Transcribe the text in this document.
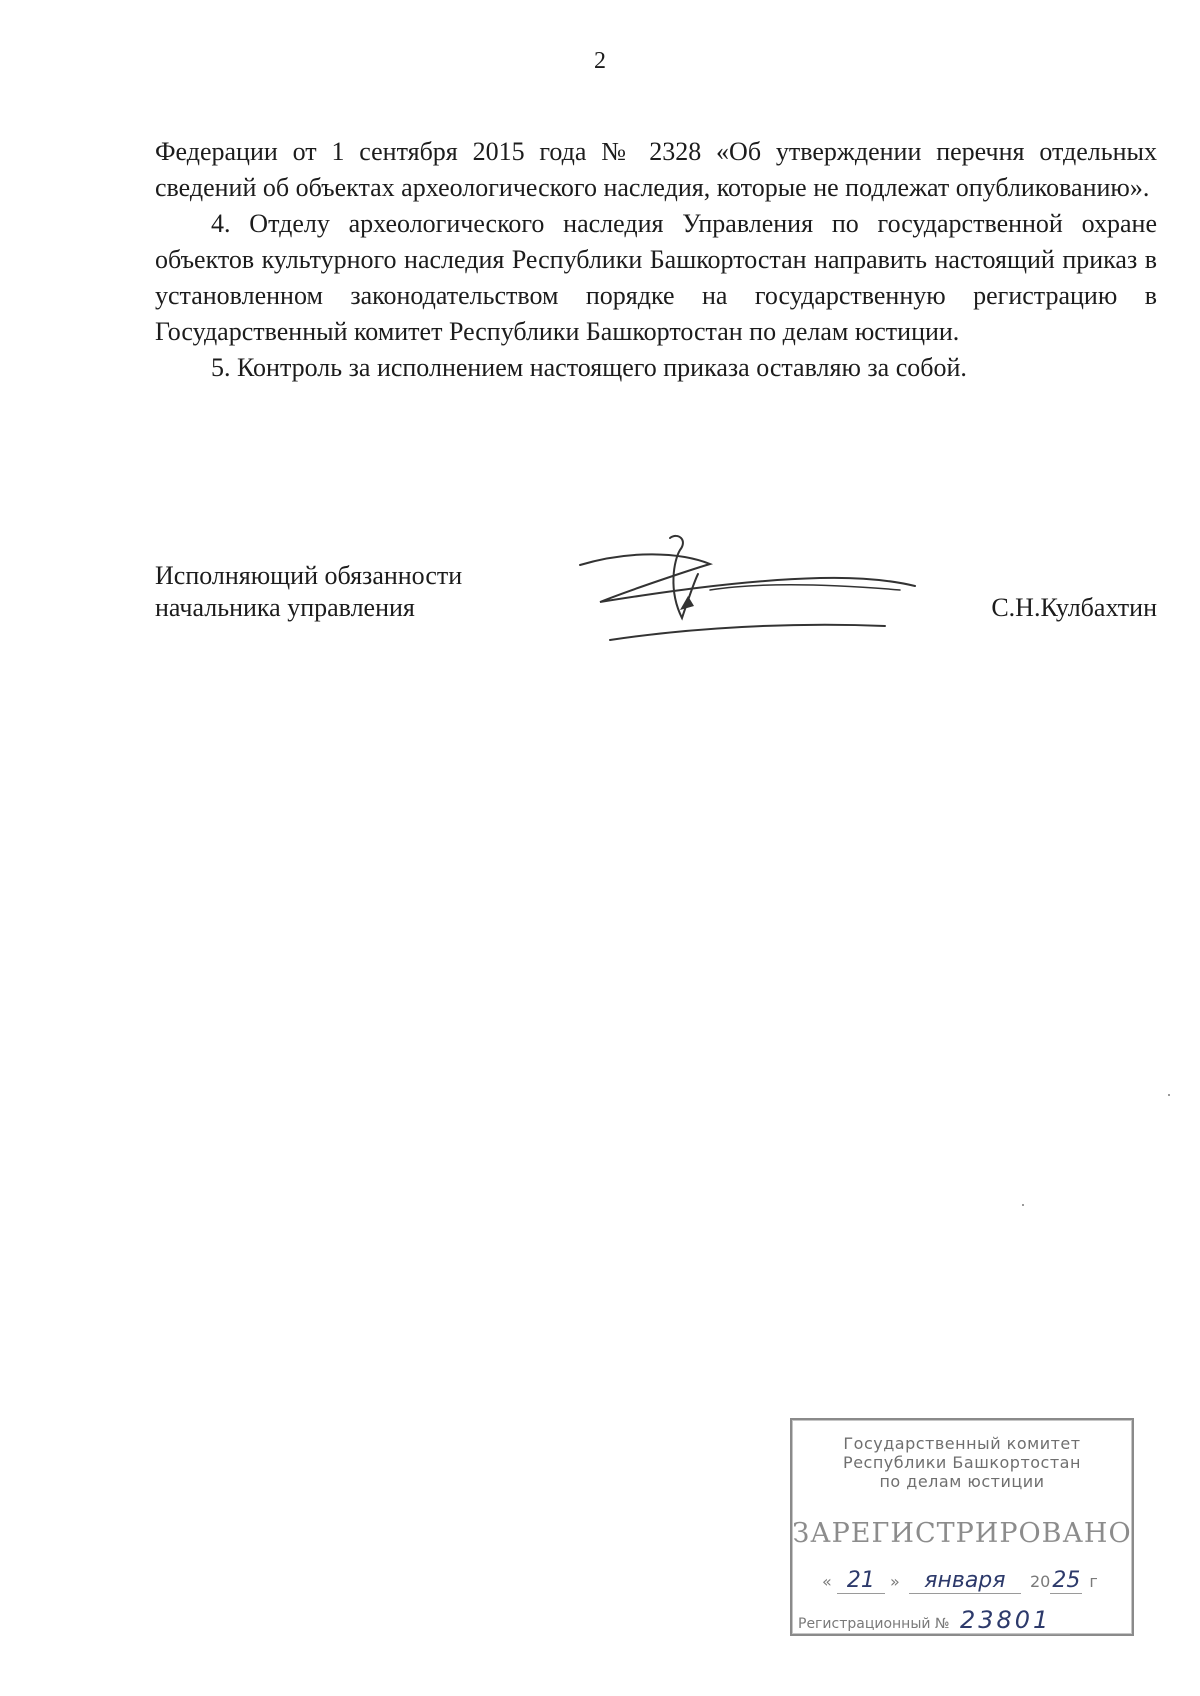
2

Федерации от 1 сентября 2015 года № 2328 «Об утверждении перечня отдельных сведений об объектах археологического наследия, которые не подлежат опубликованию».

4. Отделу археологического наследия Управления по государственной охране объектов культурного наследия Республики Башкортостан направить настоящий приказ в установленном законодательством порядке на государственную регистрацию в Государственный комитет Республики Башкортостан по делам юстиции.

5. Контроль за исполнением настоящего приказа оставляю за собой.

Исполняющий обязанности
начальника управления	С.Н.Кулбахтин
Государственный комитет
Республики Башкортостан
по делам юстиции
ЗАРЕГИСТРИРОВАНО
« 21 » января 2025 г
Регистрационный № 23801
